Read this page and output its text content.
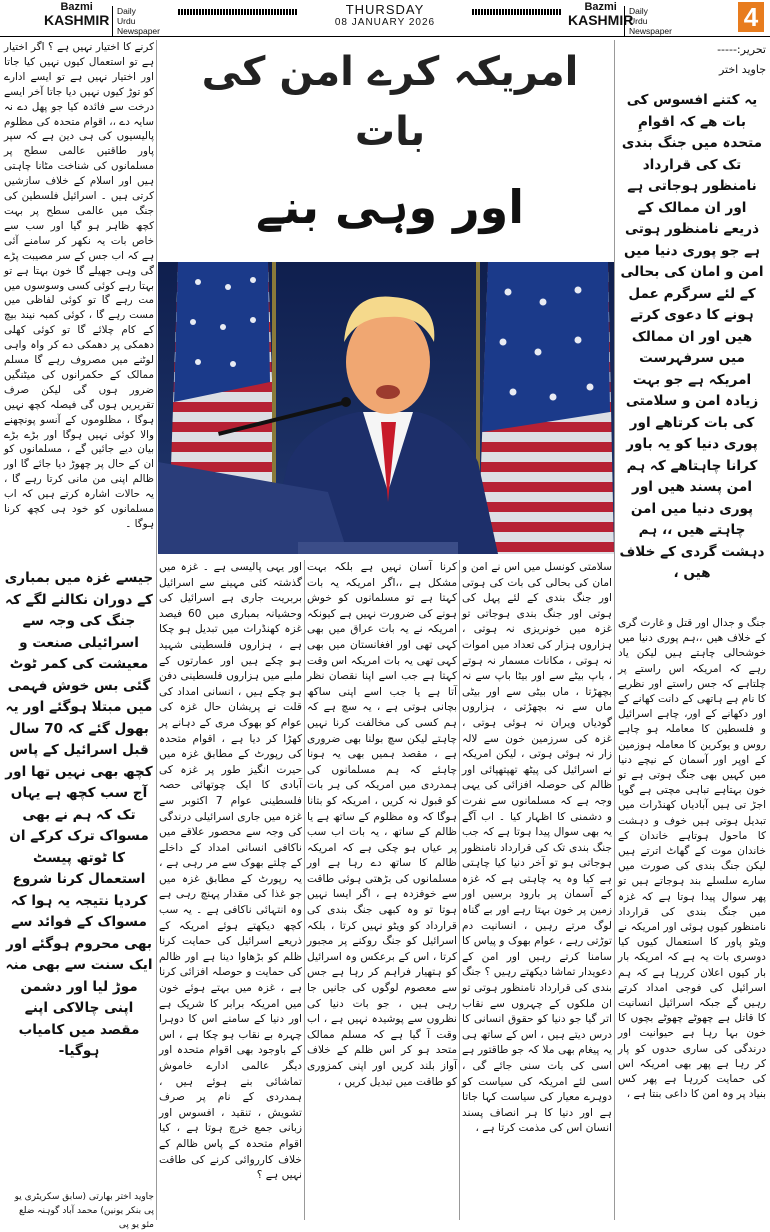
Bazmi
KASHMIR
Daily
Urdu Newspaper
THURSDAY
08 JANUARY 2026
Bazmi
KASHMIR
Daily
Urdu Newspaper	4

کرنے کا اختیار نہیں ہے ؟ اگر اختیار ہے تو استعمال کیوں نہیں کیا جاتا اور اختیار نہیں ہے تو ایسے ادارے کو توڑ کیوں نہیں دیا جاتا آخر ایسے درخت سے فائدہ کیا جو پھل دے نہ سایہ دے ،، اقوام متحدہ کی مظلوم پالیسیوں کی ہی دین ہے کہ سپر پاور طاقتیں عالمی سطح پر مسلمانوں کی شناخت مٹانا چاہتی ہیں اور اسلام کے خلاف سازشیں کرتی ہیں ۔ اسرائیل فلسطین کی جنگ میں عالمی سطح پر بہت کچھ ظاہر ہو گیا اور سب سے خاص بات یہ نکھر کر سامنے آئی ہے کہ اب جس کے سر مصیبت پڑے گی وہی جھیلے گا خون بہتا ہے تو بہتا رہے کوئی کسی وسوسوں میں مت رہے گا تو کوئی لفاظی میں مست رہے گا ، کوئی کمبہ نیند بیچ کے کام چلائے گا تو کوئی کھلی دھمکی پر دھمکی دے کر واہ واہی لوٹنے میں مصروف رہے گا مسلم ممالک کے حکمرانوں کی میٹنگیں ضرور ہوں گی لیکن صرف تقریریں ہوں گی فیصلہ کچھ نہیں ہوگا ، مظلوموں کے آنسو پونچھنے والا کوئی نہیں ہوگا اور بڑے بڑے بیان دیے جائیں گے ، مسلمانوں کو ان کے حال پر چھوڑ دیا جائے گا اور ظالم اپنی من مانی کرتا رہے گا ، یہ حالات اشارہ کرتے ہیں کہ اب مسلمانوں کو خود ہی کچھ کرنا ہوگا ۔

جیسے غزہ میں بمباری کے دوران نکالنے لگے کہ جنگ کی وجہ سے اسرائیلی صنعت و معیشت کی کمر ٹوٹ گئی بس خوش فہمی میں مبتلا ہوگئے اور یہ بھول گئے کہ 70 سال قبل اسرائیل کے پاس کچھ بھی نہیں تھا اور آج سب کچھ ہے یہاں تک کہ ہم نے بھی مسواک ترک کرکے ان کا ٹوتھ پیسٹ استعمال کرنا شروع کردیا نتیجہ یہ ہوا کہ مسواک کے فوائد سے بھی محروم ہوگئے اور ایک سنت سے بھی منہ موڑ لیا اور دشمن اپنی چالاکی اپنے مقصد میں کامیاب ہوگیا-

جاوید اختر بھارتی (سابق سکریٹری یو پی بنکر یونین) محمد آباد گوہنہ ضلع مئو یو پی

امریکہ کرے امن کی بات
اور وہی بنے

سلامتی کونسل میں اس نے امن و امان کی بحالی کی بات کی ہوتی اور جنگ بندی کے لئے پہل کی ہوتی اور جنگ بندی ہوجاتی تو غزہ میں خونریزی نہ ہوتی ، ہزاروں ہزار کی تعداد میں اموات نہ ہوتی ، مکانات مسمار نہ ہوتے ، باپ بیٹے سے اور بیٹا باپ سے نہ بچھڑتا ، ماں بیٹی سے اور بیٹی ماں سے نہ بچھڑتی ، ہزاروں گودیاں ویران نہ ہوئی ہوتی ، غزہ کی سرزمین خون سے لالہ زار نہ ہوئی ہوتی ، لیکن امریکہ نے اسرائیل کی پیٹھ تھپتھپائی اور ظالم کی حوصلہ افزائی کی یہی وجہ ہے کہ مسلمانوں سے نفرت و دشمنی کا اظہار کیا ۔ اب آگے یہ بھی سوال پیدا ہوتا ہے کہ جب جنگ بندی تک کی قرارداد نامنظور ہوجاتی ہو تو آخر دنیا کیا چاہتی ہے کیا وہ یہ چاہتی ہے کہ غزہ کے آسمان پر بارود برسیں اور زمین پر خون بہتا رہے اور بے گناہ لوگ مرتے رہیں ، انسانیت دم توڑتی رہے ، عوام بھوک و پیاس کا سامنا کرتے رہیں اور امن کے دعویدار تماشا دیکھتے رہیں ؟ جنگ بندی کی قرارداد نامنظور ہوتی تو ان ملکوں کے چہروں سے نقاب اتر گیا جو دنیا کو حقوق انسانی کا درس دیتے ہیں ، اس کے ساتھ ہی یہ پیغام بھی ملا کہ جو طاقتور ہے اسی کی بات سنی جائے گی ، اسی لئے امریکہ کی سیاست کو دوہرے معیار کی سیاست کہا جاتا ہے اور دنیا کا ہر انصاف پسند انسان اس کی مذمت کرتا ہے ،

کرنا آسان نہیں ہے بلکہ بہت مشکل ہے ،،اگر امریکہ یہ بات کہتا ہے تو مسلمانوں کو خوش ہونے کی ضرورت نہیں ہے کیونکہ امریکہ نے یہ بات عراق میں بھی کہی تھی اور افغانستان میں بھی کہی تھی یہ بات امریکہ اس وقت کہتا ہے جب اسے اپنا نقصان نظر آتا ہے یا جب اسے اپنی ساکھ بچانی ہوتی ہے ، یہ سچ ہے کہ ہم کسی کی مخالفت کرنا نہیں چاہتے لیکن سچ بولنا بھی ضروری ہے ، مقصد ہمیں بھی یہ ہونا چاہئے کہ ہم مسلمانوں کی ہمدردی میں امریکہ کی ہر بات کو قبول نہ کریں ، امریکہ کو بتانا ہوگا کہ وہ مظلوم کے ساتھ ہے یا ظالم کے ساتھ ، یہ بات اب سب پر عیاں ہو چکی ہے کہ امریکہ ظالم کا ساتھ دے رہا ہے اور مسلمانوں کی بڑھتی ہوئی طاقت سے خوفزدہ ہے ، اگر ایسا نہیں ہوتا تو وہ کبھی جنگ بندی کی قرارداد کو ویٹو نہیں کرتا ، بلکہ اسرائیل کو جنگ روکنے پر مجبور کرتا ، اس کے برعکس وہ اسرائیل کو ہتھیار فراہم کر رہا ہے جس سے معصوم لوگوں کی جانیں جا رہی ہیں ، جو بات دنیا کی نظروں سے پوشیدہ نہیں ہے ، اب وقت آ گیا ہے کہ مسلم ممالک متحد ہو کر اس ظلم کے خلاف آواز بلند کریں اور اپنی کمزوری کو طاقت میں تبدیل کریں ،

اور یہی پالیسی ہے ۔ غزہ میں گذشتہ کئی مہینے سے اسرائیل بربریت جاری ہے اسرائیل کی وحشیانہ بمباری میں 60 فیصد غزہ کھنڈرات میں تبدیل ہو چکا ہے ، ہزاروں فلسطینی شہید ہو چکے ہیں اور عمارتوں کے ملبے میں ہزاروں فلسطینی دفن ہو چکے ہیں ، انسانی امداد کی قلت نے پریشان حال غزہ کی عوام کو بھوک مری کے دہانے پر کھڑا کر دیا ہے ، اقوام متحدہ کی رپورٹ کے مطابق غزہ میں حیرت انگیز طور پر غزہ کی آبادی کا ایک چوتھائی حصہ فلسطینی عوام 7 اکتوبر سے غزہ میں جاری اسرائیلی درندگی کی وجہ سے محصور علاقے میں ناکافی انسانی امداد کے داخلے کے چلتے بھوک سے مر رہی ہے ، یہ رپورٹ کے مطابق غزہ میں جو غذا کی مقدار پہنچ رہی ہے وہ انتہائی ناکافی ہے ۔ یہ سب کچھ دیکھتے ہوئے امریکہ کے ذریعے اسرائیل کی حمایت کرنا ظلم کو بڑھاوا دینا ہے اور ظالم کی حمایت و حوصلہ افزائی کرنا ہے ، غزہ میں بہتے ہوئے خون میں امریکہ برابر کا شریک ہے اور دنیا کے سامنے اس کا دوہرا چہرہ بے نقاب ہو چکا ہے ، اس کے باوجود بھی اقوام متحدہ اور دیگر عالمی ادارے خاموش تماشائی بنے ہوئے ہیں ، ہمدردی کے نام پر صرف تشویش ، تنقید ، افسوس اور زبانی جمع خرچ ہوتا ہے ، کیا اقوام متحدہ کے پاس ظالم کے خلاف کارروائی کرنے کی طاقت نہیں ہے ؟

تحریر:-----
جاوید اختر

یہ کتنے افسوس کی بات ھے کہ اقوامِ متحدہ میں جنگ بندی تک کی قرارداد نامنظور ہوجاتی ہے اور ان ممالک کے ذریعے نامنظور ہوتی ہے جو پوری دنیا میں امن و امان کی بحالی کے لئے سرگرم عمل ہونے کا دعوی کرتے ھیں اور ان ممالک میں سرفہرست امریکہ ہے جو بہت زیادہ امن و سلامتی کی بات کرتاھے اور پوری دنیا کو یہ باور کرانا چاہتاھے کہ ہم امن پسند ھیں اور پوری دنیا میں امن چاہتے ھیں ،، ہم دہشت گردی کے خلاف ھیں ،

جنگ و جدال اور قتل و غارت گری کے خلاف ھیں ،،ہم پوری دنیا میں خوشحالی چاہتے ہیں لیکن یاد رہے کہ امریکہ اس راستے پر چلتاہے کہ جس راستے اور نظریے کا نام ہے ہاتھی کے دانت کھانے کے اور دکھانے کے اور، چاہے اسرائیل و فلسطین کا معاملہ ہو چاہے روس و یوکرین کا معاملہ ہوزمین کے اوپر اور آسمان کے نیچے دنیا میں کہیں بھی جنگ ہوتی ہے تو خون بہتاہے تباہی مچتی ہے گویا اجڑ تی ہیں آبادیاں کھنڈرات میں تبدیل ہوتی ہیں خوف و دہشت کا ماحول ہوتاہے خاندان کے خاندان موت کے گھاٹ اترتے ہیں لیکن جنگ بندی کی صورت میں سارے سلسلے بند ہوجاتے ہیں تو پھر سوال پیدا ہوتا ہے کہ غزہ میں جنگ بندی کی قرارداد نامنظور کیوں ہوئی اور امریکہ نے ویٹو پاور کا استعمال کیوں کیا دوسری بات یہ ہے کہ امریکہ بار بار کیوں اعلان کررہا ہے کہ ہم اسرائیل کی فوجی امداد کرتے رہیں گے جبکہ اسرائیل انسانیت کا قاتل ہے چھوٹے چھوٹے بچوں کا خون بہا رہا ہے حیوانیت اور درندگی کی ساری حدوں کو پار کر رہا ہے پھر بھی امریکہ اس کی حمایت کررہا ہے پھر کس بنیاد پر وہ امن کا داعی بنتا ہے ،
